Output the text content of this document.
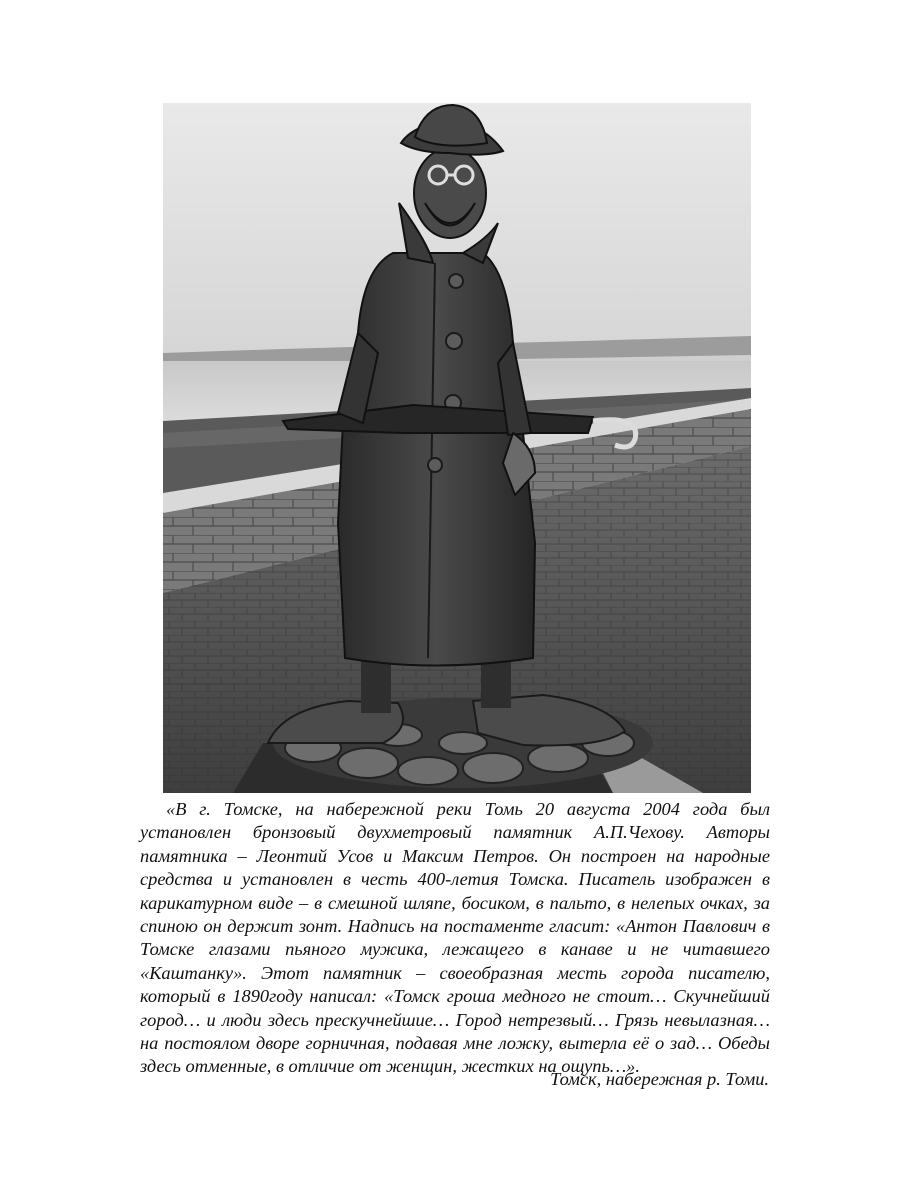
«В г. Томске, на набережной реки Томь 20 августа 2004 года был установлен бронзовый двухметровый памятник А.П.Чехову. Авторы памятника – Леонтий Усов и Максим Петров. Он построен на народные средства и установлен в честь 400-летия Томска. Писатель изображен в карикатурном виде – в смешной шляпе, босиком, в пальто, в нелепых очках, за спиною он держит зонт. Надпись на постаменте гласит: «Антон Павлович в Томске глазами пьяного мужика, лежащего в канаве и не читавшего «Каштанку». Этот памятник – своеобразная месть города писателю, который в 1890году написал: «Томск гроша медного не стоит… Скучнейший город… и люди здесь прескучнейшие… Город нетрезвый… Грязь невылазная… на постоялом дворе горничная, подавая мне ложку, вытерла её о зад… Обеды здесь отменные, в отличие от женщин, жестких на ощупь…».

Томск, набережная р. Томи.
